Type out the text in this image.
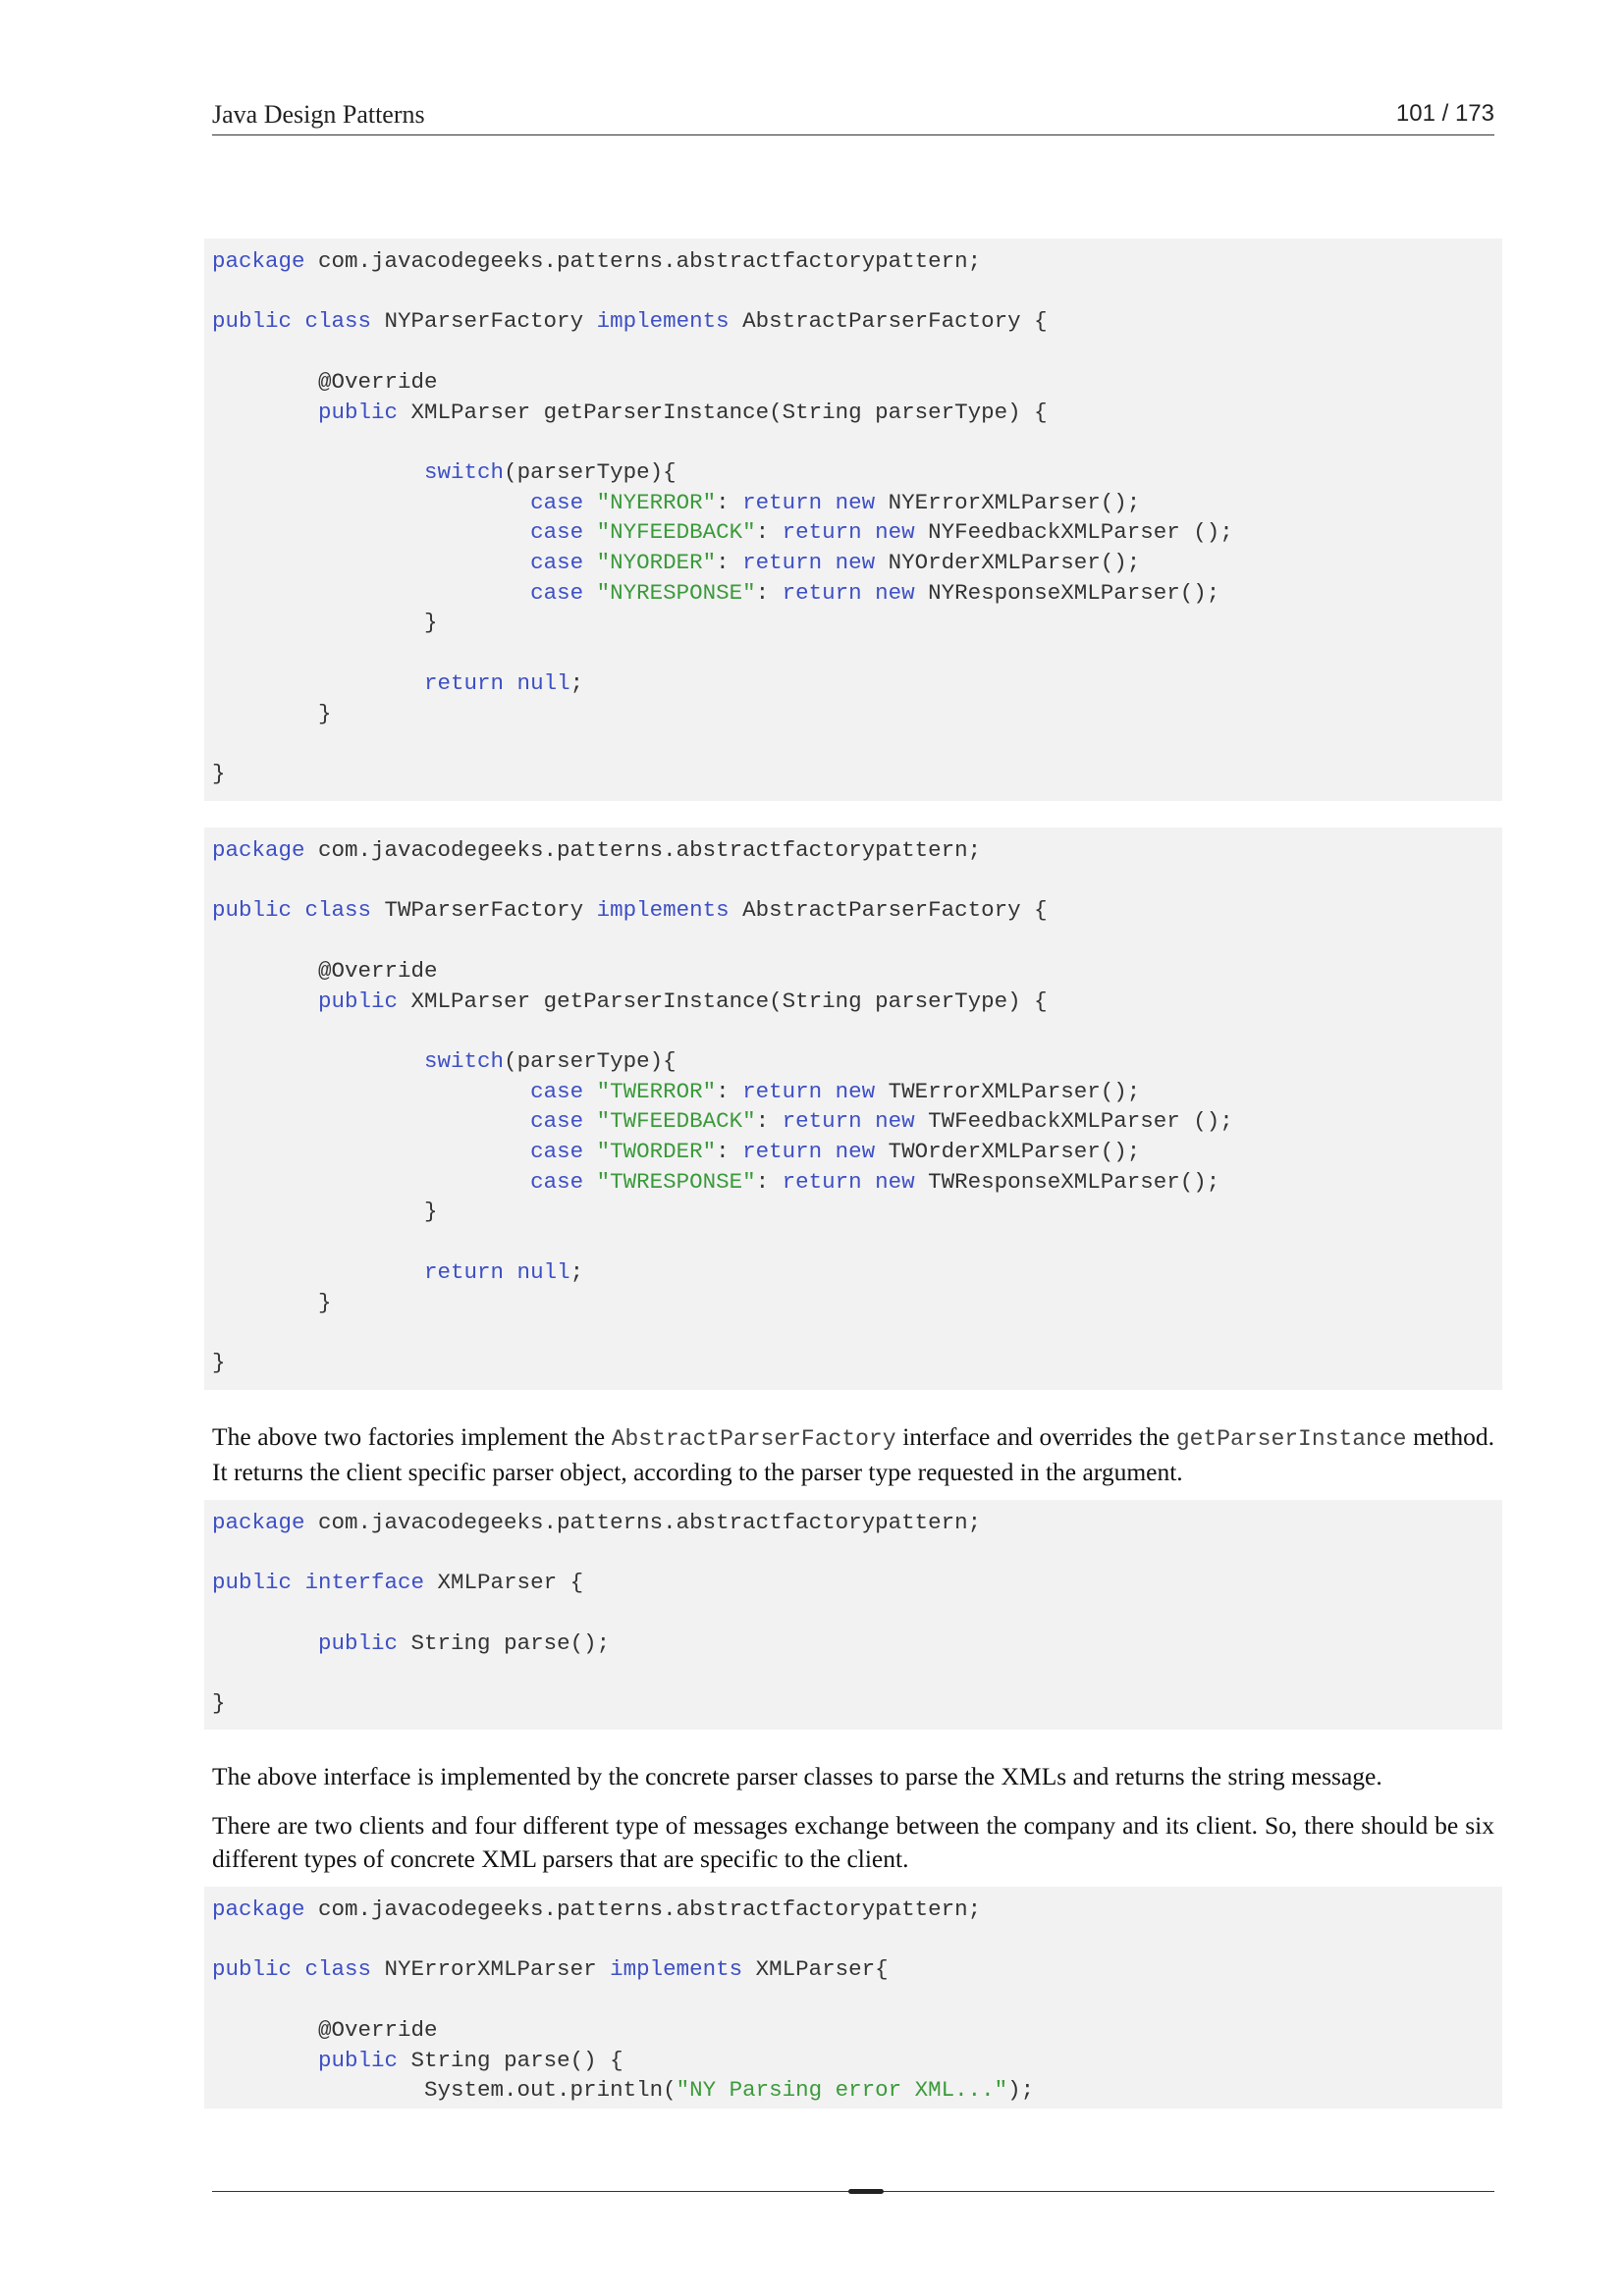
Java Design Patterns	101 / 173
package com.javacodegeeks.patterns.abstractfactorypattern;

public class NYParserFactory implements AbstractParserFactory {

@Override
public XMLParser getParserInstance(String parserType) {

switch(parserType){
case "NYERROR": return new NYErrorXMLParser();
case "NYFEEDBACK": return new NYFeedbackXMLParser ();
case "NYORDER": return new NYOrderXMLParser();
case "NYRESPONSE": return new NYResponseXMLParser();
}

return null;
}

}
package com.javacodegeeks.patterns.abstractfactorypattern;

public class TWParserFactory implements AbstractParserFactory {

@Override
public XMLParser getParserInstance(String parserType) {

switch(parserType){
case "TWERROR": return new TWErrorXMLParser();
case "TWFEEDBACK": return new TWFeedbackXMLParser ();
case "TWORDER": return new TWOrderXMLParser();
case "TWRESPONSE": return new TWResponseXMLParser();
}

return null;
}

}
The above two factories implement the AbstractParserFactory interface and overrides the getParserInstance method. It returns the client specific parser object, according to the parser type requested in the argument.
package com.javacodegeeks.patterns.abstractfactorypattern;

public interface XMLParser {

public String parse();

}
The above interface is implemented by the concrete parser classes to parse the XMLs and returns the string message.
There are two clients and four different type of messages exchange between the company and its client. So, there should be six different types of concrete XML parsers that are specific to the client.
package com.javacodegeeks.patterns.abstractfactorypattern;

public class NYErrorXMLParser implements XMLParser{

@Override
public String parse() {
System.out.println("NY Parsing error XML...");
